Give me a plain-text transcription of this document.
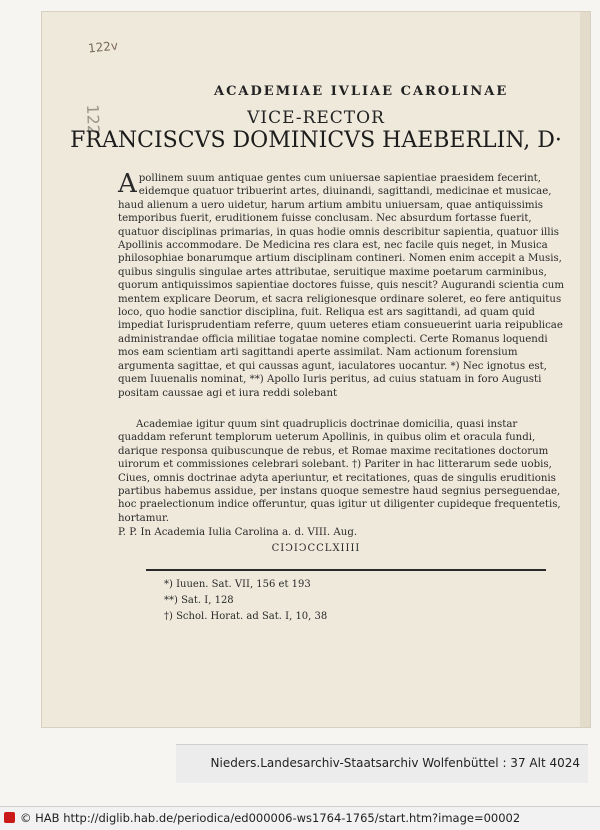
122v
122
ACADEMIAE IVLIAE CAROLINAE
VICE-RECTOR
FRANCISCVS DOMINICVS HAEBERLIN, D·
Apollinem suum antiquae gentes cum uniuersae sapientiae praesidem fecerint, eidemque quatuor tribuerint artes, diuinandi, sagittandi, medicinae et musicae, haud alienum a uero uidetur, harum artium ambitu uniuersam, quae antiquissimis temporibus fuerit, eruditionem fuisse conclusam. Nec absurdum fortasse fuerit, quatuor disciplinas primarias, in quas hodie omnis describitur sapientia, quatuor illis Apollinis accommodare. De Medicina res clara est, nec facile quis neget, in Musica philosophiae bonarumque artium disciplinam contineri. Nomen enim accepit a Musis, quibus singulis singulae artes attributae, seruitique maxime poetarum carminibus, quorum antiquissimos sapientiae doctores fuisse, quis nescit? Augurandi scientia cum mentem explicare Deorum, et sacra religionesque ordinare soleret, eo fere antiquitus loco, quo hodie sanctior disciplina, fuit. Reliqua est ars sagittandi, ad quam quid impediat Iurisprudentiam referre, quum ueteres etiam consueuerint uaria reipublicae administrandae officia militiae togatae nomine complecti. Certe Romanus loquendi mos eam scientiam arti sagittandi aperte assimilat. Nam actionum forensium argumenta sagittae, et qui caussas agunt, iaculatores uocantur. *) Nec ignotus est, quem Iuuenalis nominat, **) Apollo Iuris peritus, ad cuius statuam in foro Augusti positam caussae agi et iura reddi solebant
Academiae igitur quum sint quadruplicis doctrinae domicilia, quasi instar quaddam referunt templorum ueterum Apollinis, in quibus olim et oracula fundi, darique responsa quibuscunque de rebus, et Romae maxime recitationes doctorum uirorum et commissiones celebrari solebant. †) Pariter in hac litterarum sede uobis, Ciues, omnis doctrinae adyta aperiuntur, et recitationes, quas de singulis eruditionis partibus habemus assidue, per instans quoque semestre haud segnius perseguendae, hoc praelectionum indice offeruntur, quas igitur ut diligenter cupideque frequentetis, hortamur.
P. P. In Academia Iulia Carolina a. d. VIII. Aug.
CIↃIↃCCLXIIII
*) Iuuen. Sat. VII, 156 et 193
**) Sat. I, 128
†) Schol. Horat. ad Sat. I, 10, 38
Nieders.Landesarchiv-Staatsarchiv Wolfenbüttel : 37 Alt 4024
© HAB http://diglib.hab.de/periodica/ed000006-ws1764-1765/start.htm?image=00002
